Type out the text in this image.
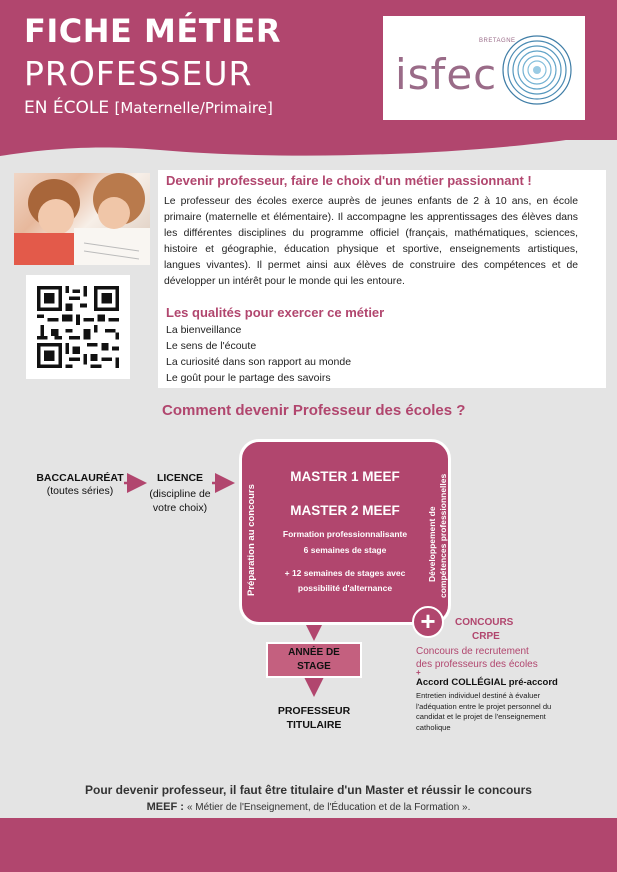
FICHE MÉTIER
PROFESSEUR
EN ÉCOLE [Maternelle/Primaire]
isfec
BRETAGNE
Devenir professeur, faire le choix d'un métier passionnant !
Le professeur des écoles exerce auprès de jeunes enfants de 2 à 10 ans, en école primaire (maternelle et élémentaire). Il accompagne les apprentissages des élèves dans les différentes disciplines du programme officiel (français, mathématiques, sciences, histoire et géographie, éducation physique et sportive, enseignements artistiques, langues vivantes). Il permet ainsi aux élèves de construire des compétences et de développer un intérêt pour le monde qui les entoure.
Les qualités pour exercer ce métier
La bienveillance
Le sens de l'écoute
La curiosité dans son rapport au monde
Le goût pour le partage des savoirs
Comment devenir Professeur des écoles ?
BACCALAURÉAT
(toutes séries)
LICENCE
(discipline de
votre choix)	Préparation au concours	Développement de compétences professionnelles
MASTER 1 MEEF
MASTER 2 MEEF
Formation professionnalisante
6 semaines de stage
+ 12 semaines de stages avec
possibilité d'alternance
+	CONCOURS
CRPE
Concours de recrutement
des professeurs des écoles
+
Accord COLLÉGIAL pré-accord
Entretien individuel destiné à évaluer l'adéquation entre le projet personnel du candidat et le projet de l'enseignement catholique
ANNÉE DE
STAGE
PROFESSEUR
TITULAIRE
Pour devenir professeur, il faut être titulaire d'un Master et réussir le concours
MEEF : « Métier de l'Enseignement, de l'Éducation et de la Formation ».
